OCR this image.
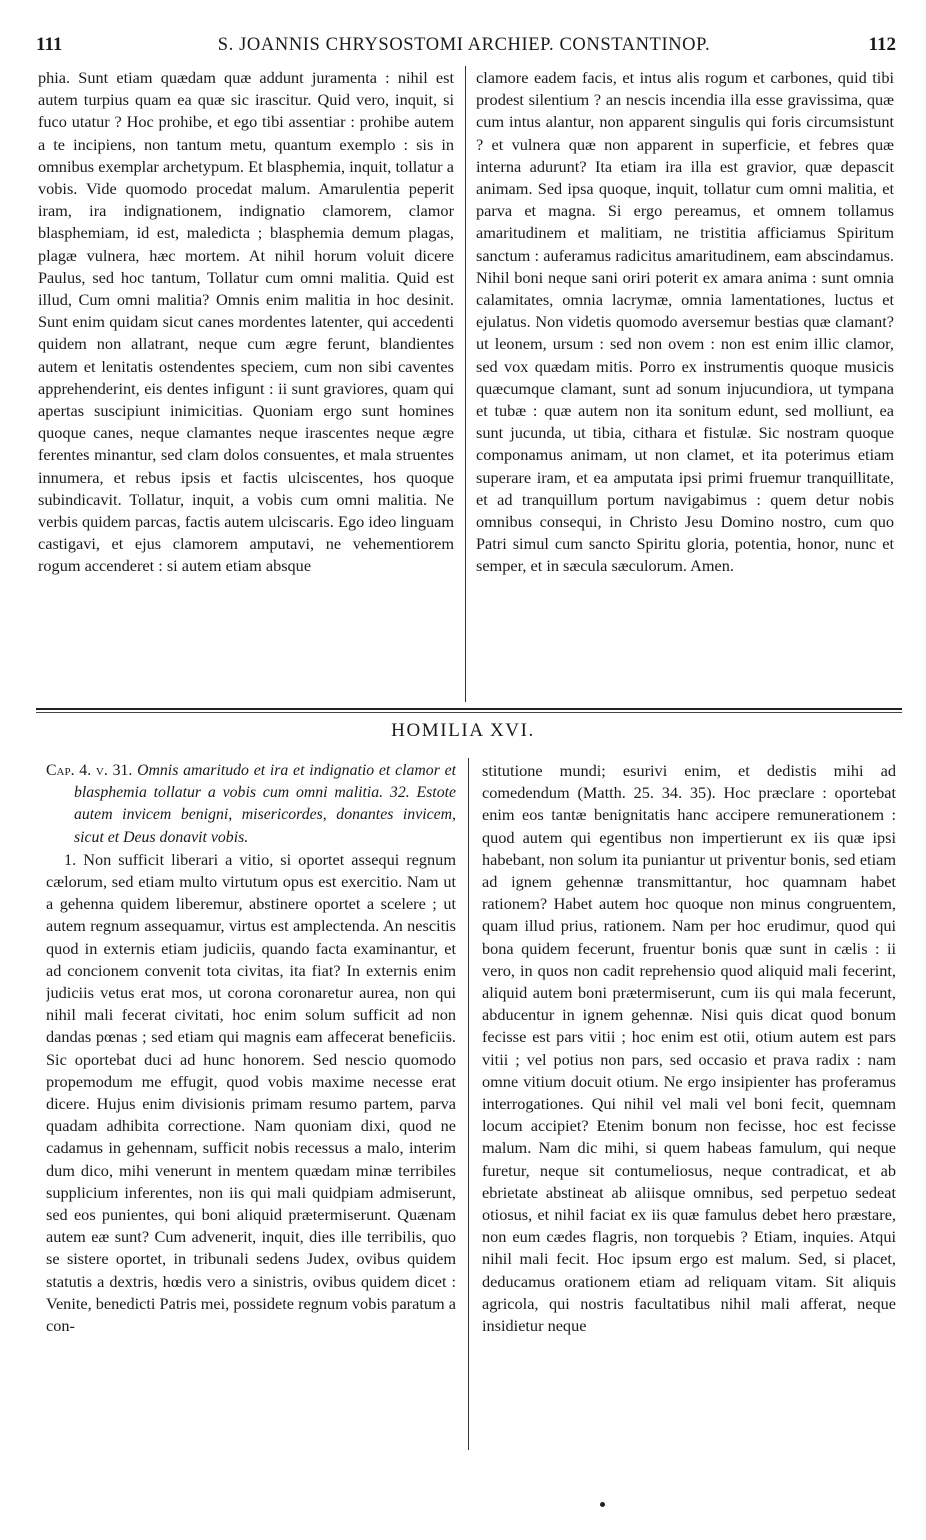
111	S. JOANNIS CHRYSOSTOMI ARCHIEP. CONSTANTINOP.	112

phia. Sunt etiam quædam quæ addunt juramenta : nihil est autem turpius quam ea quæ sic irascitur. Quid vero, inquit, si fuco utatur ? Hoc prohibe, et ego tibi assentiar : prohibe autem a te incipiens, non tantum metu, quantum exemplo : sis in omnibus exemplar archetypum. Et blasphemia, inquit, tollatur a vobis. Vide quomodo procedat malum. Amarulentia peperit iram, ira indignationem, indignatio clamorem, clamor blasphemiam, id est, maledicta ; blasphemia demum plagas, plagæ vulnera, hæc mortem. At nihil horum voluit dicere Paulus, sed hoc tantum, Tollatur cum omni malitia. Quid est illud, Cum omni malitia? Omnis enim malitia in hoc desinit. Sunt enim quidam sicut canes mordentes latenter, qui accedenti quidem non allatrant, neque cum ægre ferunt, blandientes autem et lenitatis ostendentes speciem, cum non sibi caventes apprehenderint, eis dentes infigunt : ii sunt graviores, quam qui apertas suscipiunt inimicitias. Quoniam ergo sunt homines quoque canes, neque clamantes neque irascentes neque ægre ferentes minantur, sed clam dolos consuentes, et mala struentes innumera, et rebus ipsis et factis ulciscentes, hos quoque subindicavit. Tollatur, inquit, a vobis cum omni malitia. Ne verbis quidem parcas, factis autem ulciscaris. Ego ideo linguam castigavi, et ejus clamorem amputavi, ne vehementiorem rogum accenderet : si autem etiam absque

clamore eadem facis, et intus alis rogum et carbones, quid tibi prodest silentium ? an nescis incendia illa esse gravissima, quæ cum intus alantur, non apparent singulis qui foris circumsistunt ? et vulnera quæ non apparent in superficie, et febres quæ interna adurunt? Ita etiam ira illa est gravior, quæ depascit animam. Sed ipsa quoque, inquit, tollatur cum omni malitia, et parva et magna. Si ergo pereamus, et omnem tollamus amaritudinem et malitiam, ne tristitia afficiamus Spiritum sanctum : auferamus radicitus amaritudinem, eam abscindamus. Nihil boni neque sani oriri poterit ex amara anima : sunt omnia calamitates, omnia lacrymæ, omnia lamentationes, luctus et ejulatus. Non videtis quomodo aversemur bestias quæ clamant? ut leonem, ursum : sed non ovem : non est enim illic clamor, sed vox quædam mitis. Porro ex instrumentis quoque musicis quæcumque clamant, sunt ad sonum injucundiora, ut tympana et tubæ : quæ autem non ita sonitum edunt, sed molliunt, ea sunt jucunda, ut tibia, cithara et fistulæ. Sic nostram quoque componamus animam, ut non clamet, et ita poterimus etiam superare iram, et ea amputata ipsi primi fruemur tranquillitate, et ad tranquillum portum navigabimus : quem detur nobis omnibus consequi, in Christo Jesu Domino nostro, cum quo Patri simul cum sancto Spiritu gloria, potentia, honor, nunc et semper, et in sæcula sæculorum. Amen.

HOMILIA XVI.

Cap. 4. v. 31. Omnis amaritudo et ira et indignatio et clamor et blasphemia tollatur a vobis cum omni malitia. 32. Estote autem invicem benigni, misericordes, donantes invicem, sicut et Deus donavit vobis.

1. Non sufficit liberari a vitio, si oportet assequi regnum cælorum, sed etiam multo virtutum opus est exercitio. Nam ut a gehenna quidem liberemur, abstinere oportet a scelere ; ut autem regnum assequamur, virtus est amplectenda. An nescitis quod in externis etiam judiciis, quando facta examinantur, et ad concionem convenit tota civitas, ita fiat? In externis enim judiciis vetus erat mos, ut corona coronaretur aurea, non qui nihil mali fecerat civitati, hoc enim solum sufficit ad non dandas pœnas ; sed etiam qui magnis eam affecerat beneficiis. Sic oportebat duci ad hunc honorem. Sed nescio quomodo propemodum me effugit, quod vobis maxime necesse erat dicere. Hujus enim divisionis primam resumo partem, parva quadam adhibita correctione. Nam quoniam dixi, quod ne cadamus in gehennam, sufficit nobis recessus a malo, interim dum dico, mihi venerunt in mentem quædam minæ terribiles supplicium inferentes, non iis qui mali quidpiam admiserunt, sed eos punientes, qui boni aliquid prætermiserunt. Quænam autem eæ sunt? Cum advenerit, inquit, dies ille terribilis, quo se sistere oportet, in tribunali sedens Judex, ovibus quidem statutis a dextris, hœdis vero a sinistris, ovibus quidem dicet : Venite, benedicti Patris mei, possidete regnum vobis paratum a con-

stitutione mundi; esurivi enim, et dedistis mihi ad comedendum (Matth. 25. 34. 35). Hoc præclare : oportebat enim eos tantæ benignitatis hanc accipere remunerationem : quod autem qui egentibus non impertierunt ex iis quæ ipsi habebant, non solum ita puniantur ut priventur bonis, sed etiam ad ignem gehennæ transmittantur, hoc quamnam habet rationem? Habet autem hoc quoque non minus congruentem, quam illud prius, rationem. Nam per hoc erudimur, quod qui bona quidem fecerunt, fruentur bonis quæ sunt in cælis : ii vero, in quos non cadit reprehensio quod aliquid mali fecerint, aliquid autem boni prætermiserunt, cum iis qui mala fecerunt, abducentur in ignem gehennæ. Nisi quis dicat quod bonum fecisse est pars vitii ; hoc enim est otii, otium autem est pars vitii ; vel potius non pars, sed occasio et prava radix : nam omne vitium docuit otium. Ne ergo insipienter has proferamus interrogationes. Qui nihil vel mali vel boni fecit, quemnam locum accipiet? Etenim bonum non fecisse, hoc est fecisse malum. Nam dic mihi, si quem habeas famulum, qui neque furetur, neque sit contumeliosus, neque contradicat, et ab ebrietate abstineat ab aliisque omnibus, sed perpetuo sedeat otiosus, et nihil faciat ex iis quæ famulus debet hero præstare, non eum cædes flagris, non torquebis ? Etiam, inquies. Atqui nihil mali fecit. Hoc ipsum ergo est malum. Sed, si placet, deducamus orationem etiam ad reliquam vitam. Sit aliquis agricola, qui nostris facultatibus nihil mali afferat, neque insidietur neque
